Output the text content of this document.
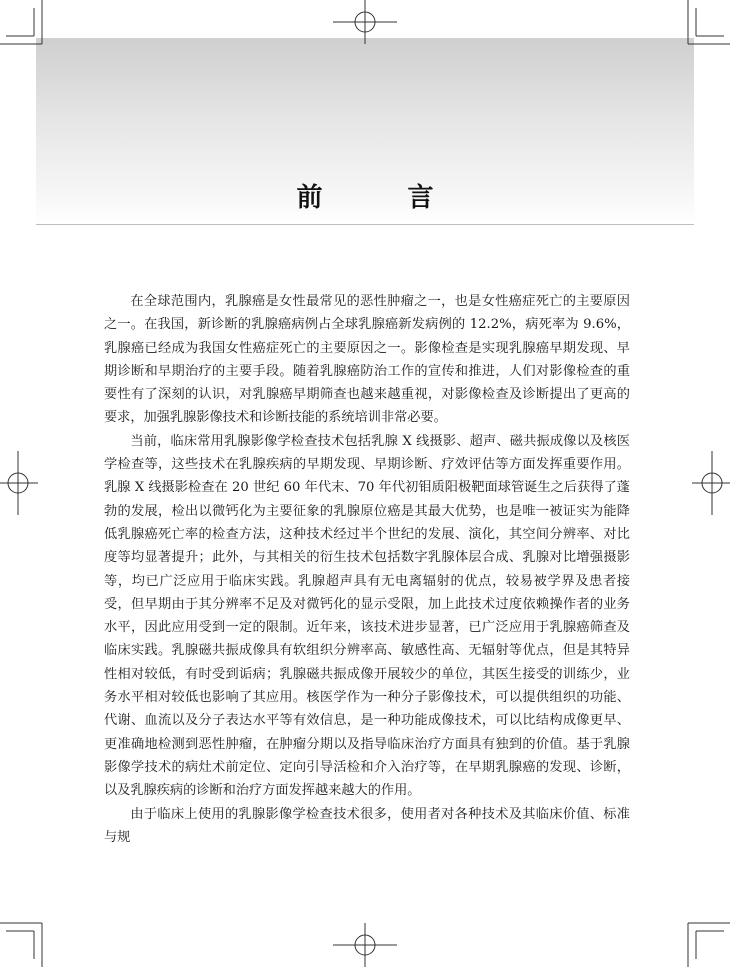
前 言

在全球范围内，乳腺癌是女性最常见的恶性肿瘤之一，也是女性癌症死亡的主要原因之一。在我国，新诊断的乳腺癌病例占全球乳腺癌新发病例的 12.2%，病死率为 9.6%，乳腺癌已经成为我国女性癌症死亡的主要原因之一。影像检查是实现乳腺癌早期发现、早期诊断和早期治疗的主要手段。随着乳腺癌防治工作的宣传和推进，人们对影像检查的重要性有了深刻的认识，对乳腺癌早期筛查也越来越重视，对影像检查及诊断提出了更高的要求，加强乳腺影像技术和诊断技能的系统培训非常必要。

当前，临床常用乳腺影像学检查技术包括乳腺 X 线摄影、超声、磁共振成像以及核医学检查等，这些技术在乳腺疾病的早期发现、早期诊断、疗效评估等方面发挥重要作用。乳腺 X 线摄影检查在 20 世纪 60 年代末、70 年代初钼质阳极靶面球管诞生之后获得了蓬勃的发展，检出以微钙化为主要征象的乳腺原位癌是其最大优势，也是唯一被证实为能降低乳腺癌死亡率的检查方法，这种技术经过半个世纪的发展、演化，其空间分辨率、对比度等均显著提升；此外，与其相关的衍生技术包括数字乳腺体层合成、乳腺对比增强摄影等，均已广泛应用于临床实践。乳腺超声具有无电离辐射的优点，较易被学界及患者接受，但早期由于其分辨率不足及对微钙化的显示受限，加上此技术过度依赖操作者的业务水平，因此应用受到一定的限制。近年来，该技术进步显著，已广泛应用于乳腺癌筛查及临床实践。乳腺磁共振成像具有软组织分辨率高、敏感性高、无辐射等优点，但是其特异性相对较低，有时受到诟病；乳腺磁共振成像开展较少的单位，其医生接受的训练少，业务水平相对较低也影响了其应用。核医学作为一种分子影像技术，可以提供组织的功能、代谢、血流以及分子表达水平等有效信息，是一种功能成像技术，可以比结构成像更早、更准确地检测到恶性肿瘤，在肿瘤分期以及指导临床治疗方面具有独到的价值。基于乳腺影像学技术的病灶术前定位、定向引导活检和介入治疗等，在早期乳腺癌的发现、诊断，以及乳腺疾病的诊断和治疗方面发挥越来越大的作用。

由于临床上使用的乳腺影像学检查技术很多，使用者对各种技术及其临床价值、标准与规
